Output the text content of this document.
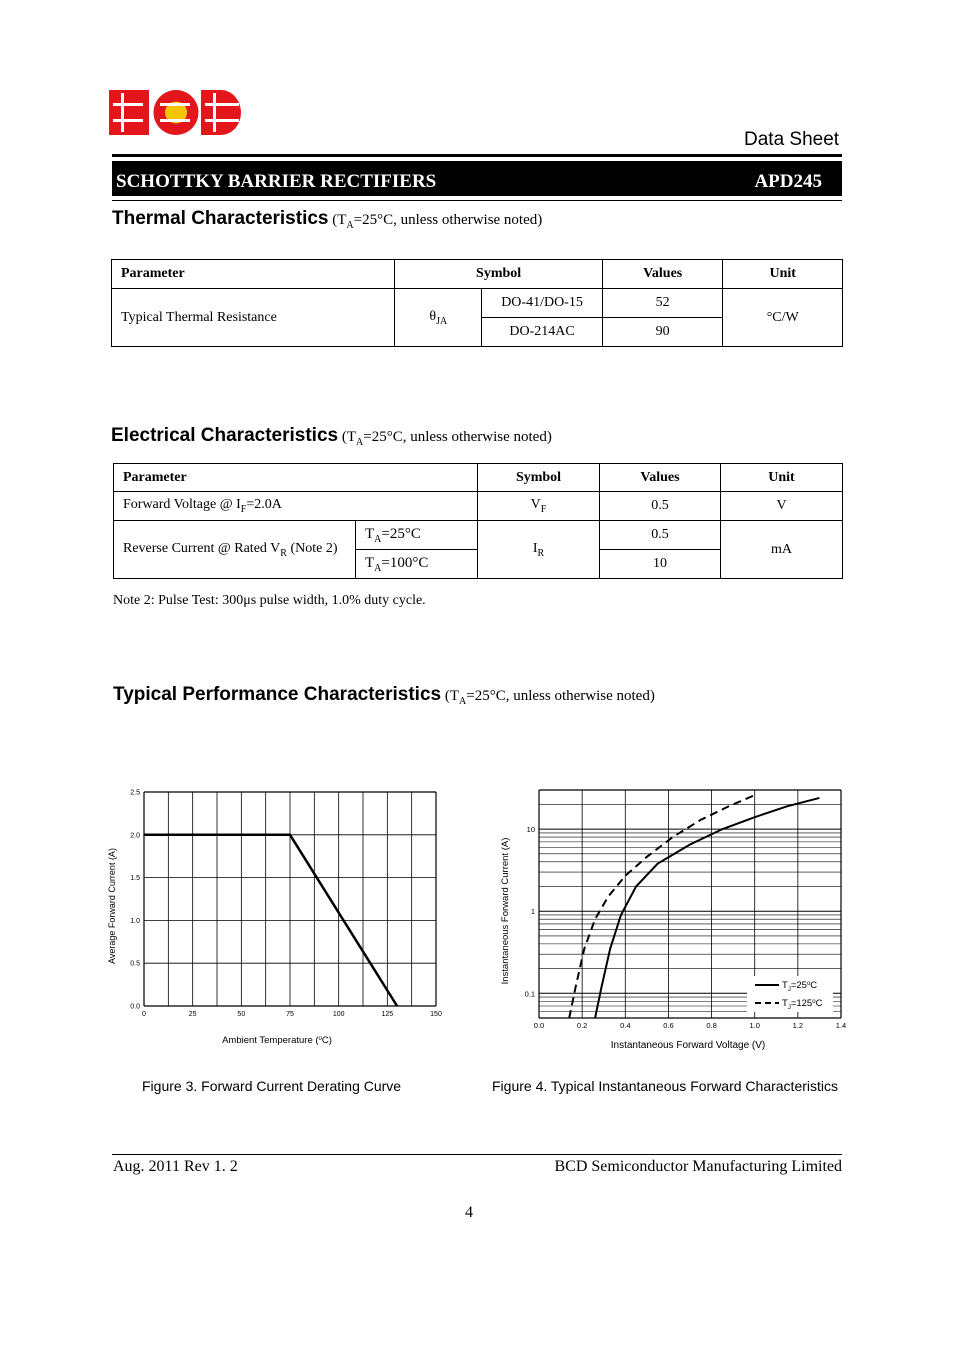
Data Sheet
SCHOTTKY BARRIER RECTIFIERS	APD245
Thermal Characteristics ($T_A=25^\circ C$, unless otherwise noted)
Parameter	Symbol		Values	Unit
Typical Thermal Resistance	$\theta_{JA}$	DO-41/DO-15	52	°C/W
		DO-214AC	90	
Electrical Characteristics ($T_A=25^\circ C$, unless otherwise noted)
Parameter		Symbol	Values	Unit
Forward Voltage @ $I_F=2.0A$		$V_F$	0.5	V
Reverse Current @ Rated $V_R$ (Note 2)	$T_A=25^\circ C$	$I_R$	0.5	mA
	$T_A=100^\circ C$		10	
Note 2: Pulse Test: 300μs pulse width, 1.0% duty cycle.
Typical Performance Characteristics ($T_A=25^\circ C$, unless otherwise noted)
0	25	50	75	100	125	150
0.0
0.5
1.0
1.5
2.0
2.5
Ambient Temperature ($^o$C)
Average Forward Current (A)
Figure 3. Forward Current Derating Curve
0.0	0.2	0.4	0.6	0.8	1.0	1.2	1.4
0.1
1
10
$T_J=25^oC$
$T_J=125^oC$
Instantaneous Forward Voltage (V)
Instantaneous Forward Current (A)
Figure 4. Typical Instantaneous Forward Characteristics
Aug. 2011 Rev 1. 2	BCD Semiconductor Manufacturing Limited
4
